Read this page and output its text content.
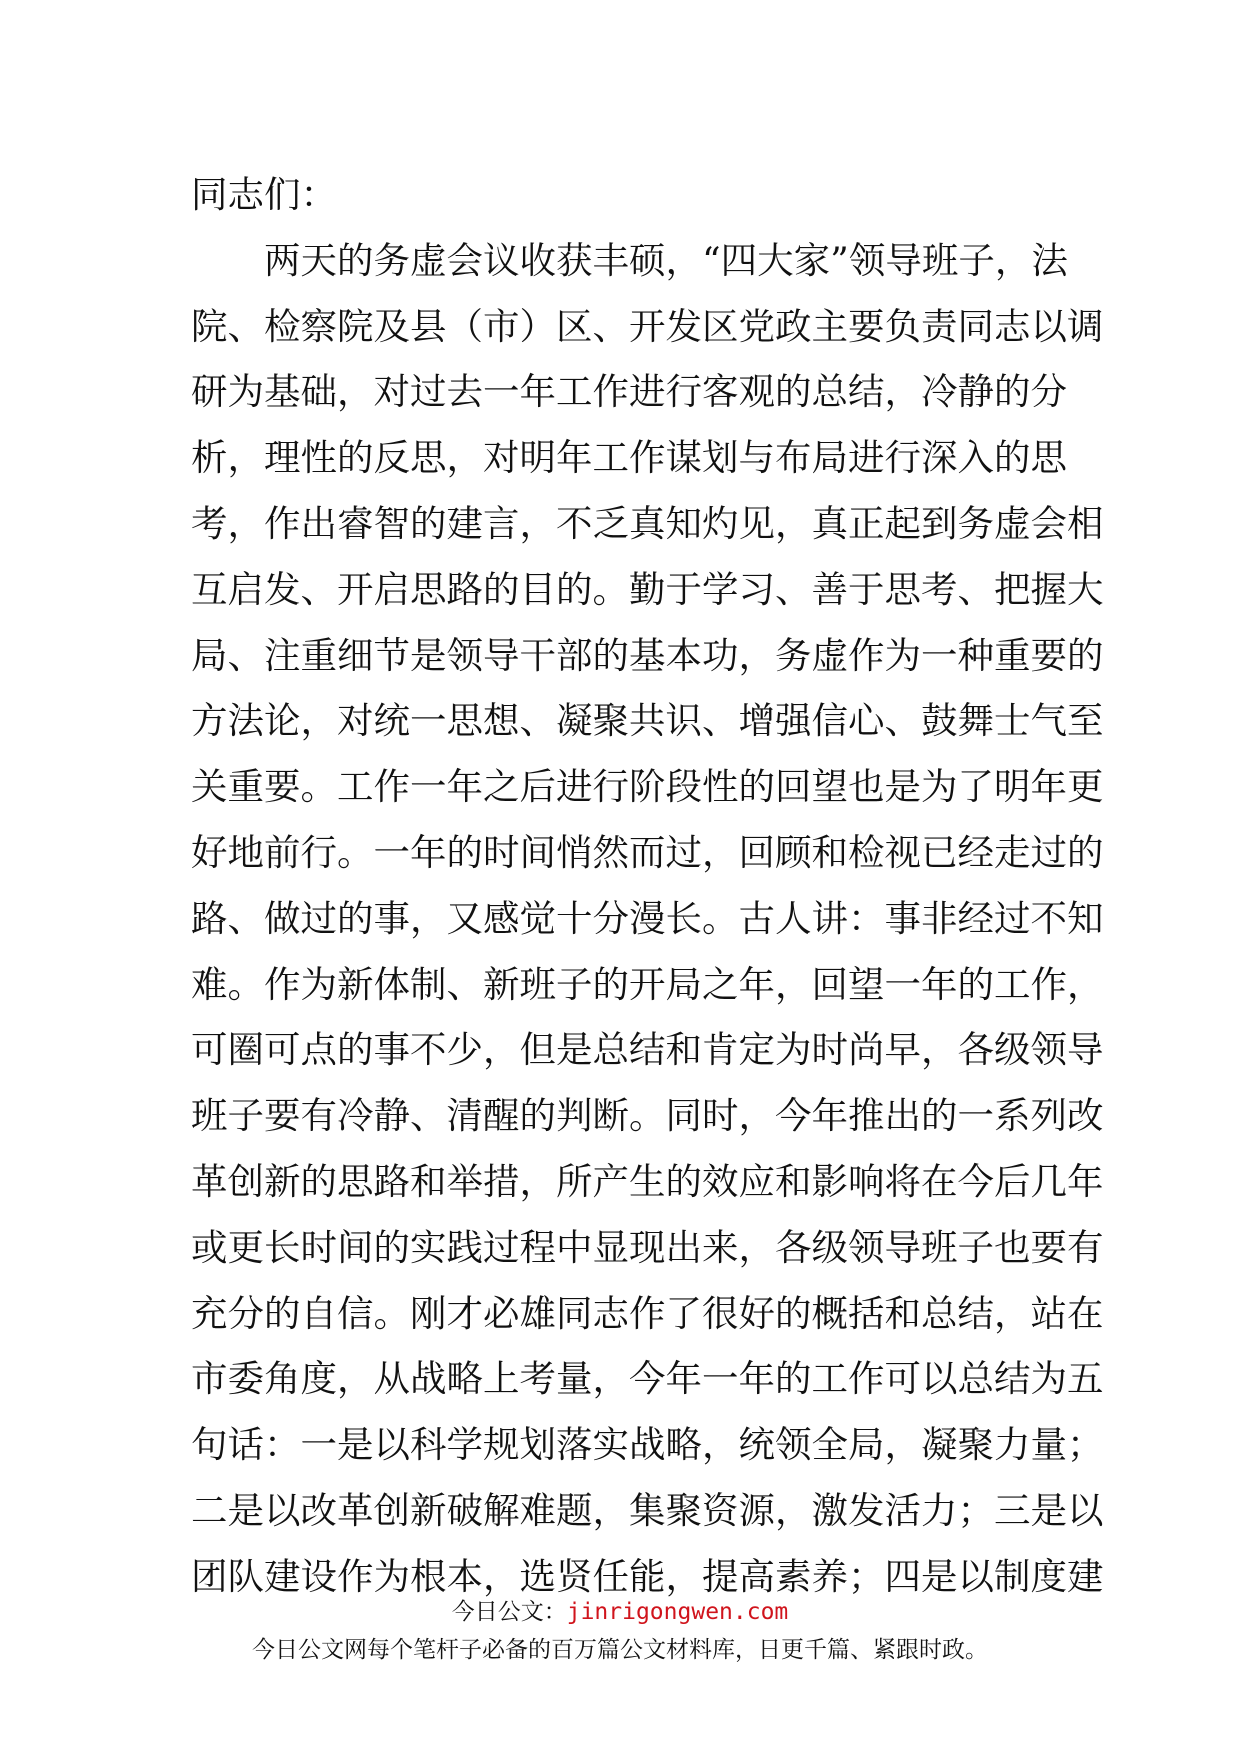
同志们：
　　两天的务虚会议收获丰硕，“四大家”领导班子，法
院、检察院及县（市）区、开发区党政主要负责同志以调
研为基础，对过去一年工作进行客观的总结，冷静的分
析，理性的反思，对明年工作谋划与布局进行深入的思
考，作出睿智的建言，不乏真知灼见，真正起到务虚会相
互启发、开启思路的目的。勤于学习、善于思考、把握大
局、注重细节是领导干部的基本功，务虚作为一种重要的
方法论，对统一思想、凝聚共识、增强信心、鼓舞士气至
关重要。工作一年之后进行阶段性的回望也是为了明年更
好地前行。一年的时间悄然而过，回顾和检视已经走过的
路、做过的事，又感觉十分漫长。古人讲：事非经过不知
难。作为新体制、新班子的开局之年，回望一年的工作，
可圈可点的事不少，但是总结和肯定为时尚早，各级领导
班子要有冷静、清醒的判断。同时，今年推出的一系列改
革创新的思路和举措，所产生的效应和影响将在今后几年
或更长时间的实践过程中显现出来，各级领导班子也要有
充分的自信。刚才必雄同志作了很好的概括和总结，站在
市委角度，从战略上考量，今年一年的工作可以总结为五
句话：一是以科学规划落实战略，统领全局，凝聚力量；
二是以改革创新破解难题，集聚资源，激发活力；三是以
团队建设作为根本，选贤任能，提高素养；四是以制度建
今日公文：jinrigongwen.com
今日公文网每个笔杆子必备的百万篇公文材料库，日更千篇、紧跟时政。
